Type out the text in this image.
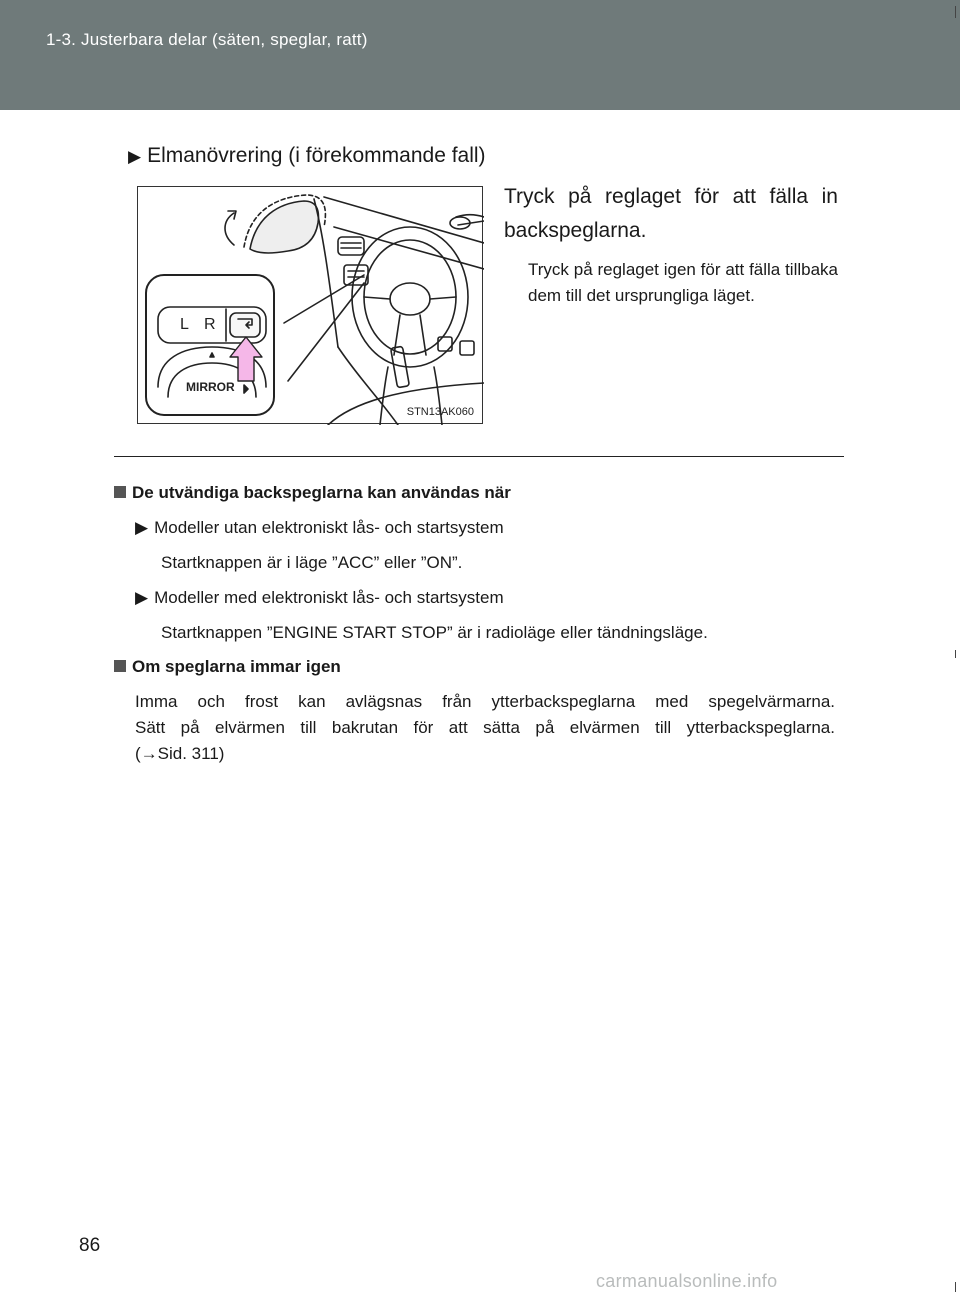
1-3. Justerbara delar (säten, speglar, ratt)
▶ Elmanövrering (i förekommande fall)
L R
MIRROR
STN13AK060
Tryck på reglaget för att fälla in backspeglarna.
Tryck på reglaget igen för att fälla tillbaka dem till det ursprungliga läget.
De utvändiga backspeglarna kan användas när
▶ Modeller utan elektroniskt lås- och startsystem
Startknappen är i läge ”ACC” eller ”ON”.
▶ Modeller med elektroniskt lås- och startsystem
Startknappen ”ENGINE START STOP” är i radioläge eller tändningsläge.
Om speglarna immar igen

Imma och frost kan avlägsnas från ytterbackspeglarna med spegelvärmarna.

Sätt på elvärmen till bakrutan för att sätta på elvärmen till ytterbackspeglarna.

(→Sid. 311)

86
carmanualsonline.info
